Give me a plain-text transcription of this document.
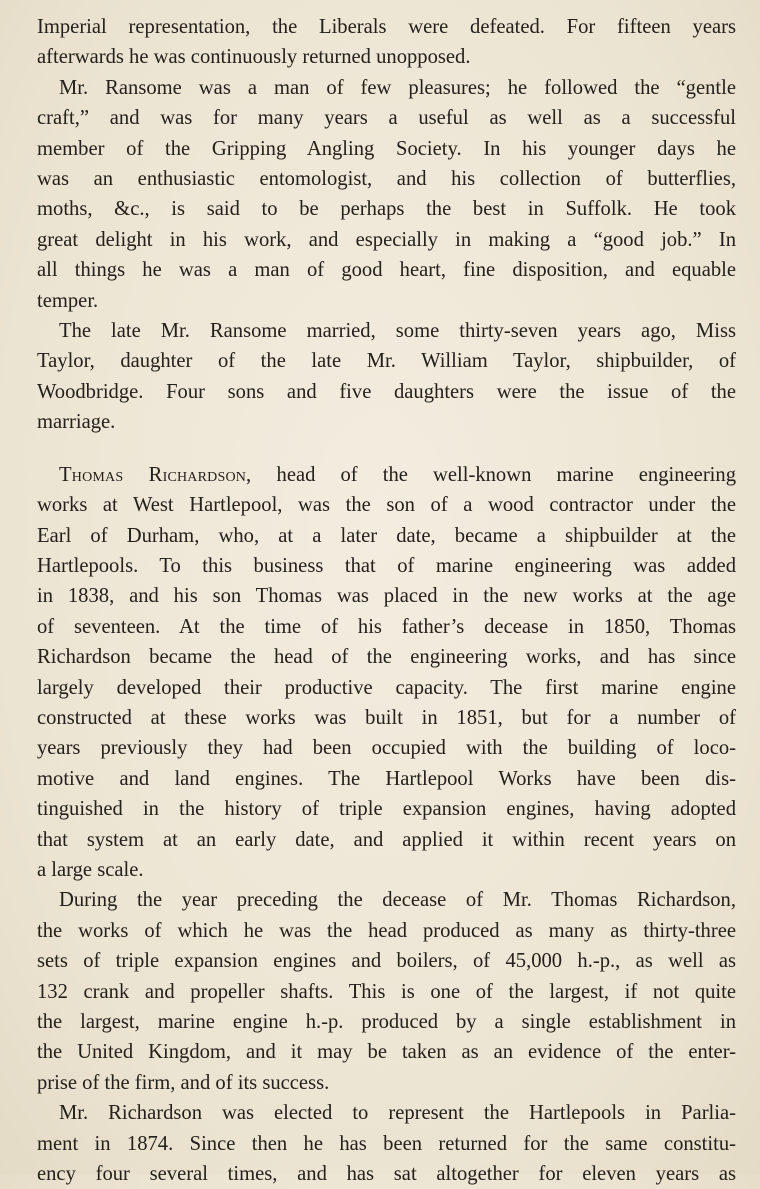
Imperial representation, the Liberals were defeated. For fifteen years
afterwards he was continuously returned unopposed.
Mr. Ransome was a man of few pleasures; he followed the “gentle
craft,” and was for many years a useful as well as a successful
member of the Gripping Angling Society. In his younger days he
was an enthusiastic entomologist, and his collection of butterflies,
moths, &c., is said to be perhaps the best in Suffolk. He took
great delight in his work, and especially in making a “good job.” In
all things he was a man of good heart, fine disposition, and equable
temper.
The late Mr. Ransome married, some thirty-seven years ago, Miss
Taylor, daughter of the late Mr. William Taylor, shipbuilder, of
Woodbridge. Four sons and five daughters were the issue of the
marriage.
Thomas Richardson, head of the well-known marine engineering
works at West Hartlepool, was the son of a wood contractor under the
Earl of Durham, who, at a later date, became a shipbuilder at the
Hartlepools. To this business that of marine engineering was added
in 1838, and his son Thomas was placed in the new works at the age
of seventeen. At the time of his father’s decease in 1850, Thomas
Richardson became the head of the engineering works, and has since
largely developed their productive capacity. The first marine engine
constructed at these works was built in 1851, but for a number of
years previously they had been occupied with the building of loco-
motive and land engines. The Hartlepool Works have been dis-
tinguished in the history of triple expansion engines, having adopted
that system at an early date, and applied it within recent years on
a large scale.
During the year preceding the decease of Mr. Thomas Richardson,
the works of which he was the head produced as many as thirty-three
sets of triple expansion engines and boilers, of 45,000 h.-p., as well as
132 crank and propeller shafts. This is one of the largest, if not quite
the largest, marine engine h.-p. produced by a single establishment in
the United Kingdom, and it may be taken as an evidence of the enter-
prise of the firm, and of its success.
Mr. Richardson was elected to represent the Hartlepools in Parlia-
ment in 1874. Since then he has been returned for the same constitu-
ency four several times, and has sat altogether for eleven years as
